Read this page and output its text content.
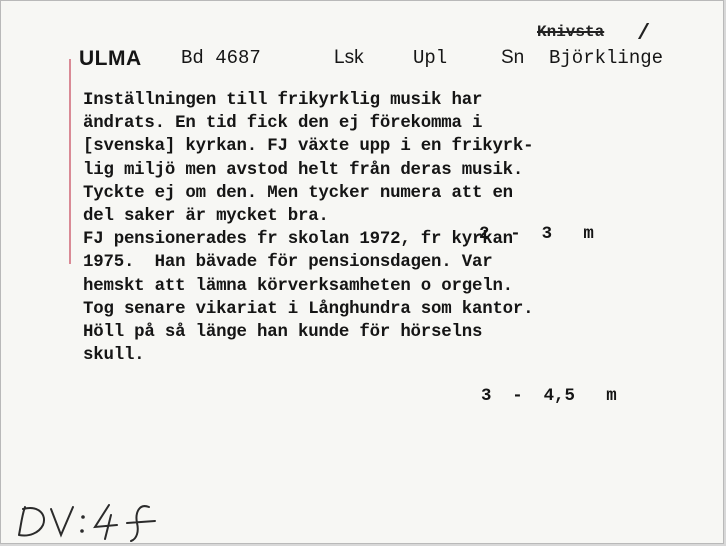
Knivsta /
ULMA Bd 4687	Lsk	Upl	Sn Björklinge
Inställningen till frikyrklig musik har
ändrats. En tid fick den ej förekomma i
[svenska] kyrkan. FJ växte upp i en frikyrk-
lig miljö men avstod helt från deras musik.
Tyckte ej om den. Men tycker numera att en
del saker är mycket bra.
FJ pensionerades fr skolan 1972, fr kyrkan
1975.  Han bävade för pensionsdagen. Var
hemskt att lämna körverksamheten o orgeln.
Tog senare vikariat i Långhundra som kantor.
Höll på så länge han kunde för hörselns
skull.
2  -  3   m
3  -  4,5   m
